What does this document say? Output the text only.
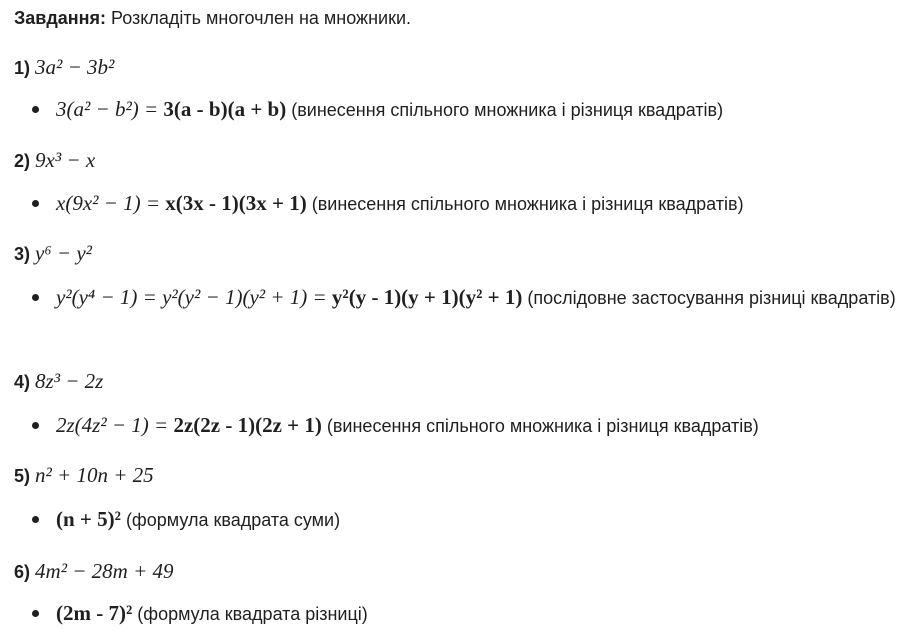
Завдання: Розкладіть многочлен на множники.
1) 3a² − 3b²
3(a² − b²) = 3(a - b)(a + b) (винесення спільного множника і різниця квадратів)
2) 9x³ − x
x(9x² − 1) = x(3x - 1)(3x + 1) (винесення спільного множника і різниця квадратів)
3) y⁶ − y²
y²(y⁴ − 1) = y²(y² − 1)(y² + 1) = y²(y - 1)(y + 1)(y² + 1) (послідовне застосування різниці квадратів)
4) 8z³ − 2z
2z(4z² − 1) = 2z(2z - 1)(2z + 1) (винесення спільного множника і різниця квадратів)
5) n² + 10n + 25
(n + 5)² (формула квадрата суми)
6) 4m² − 28m + 49
(2m - 7)² (формула квадрата різниці)
